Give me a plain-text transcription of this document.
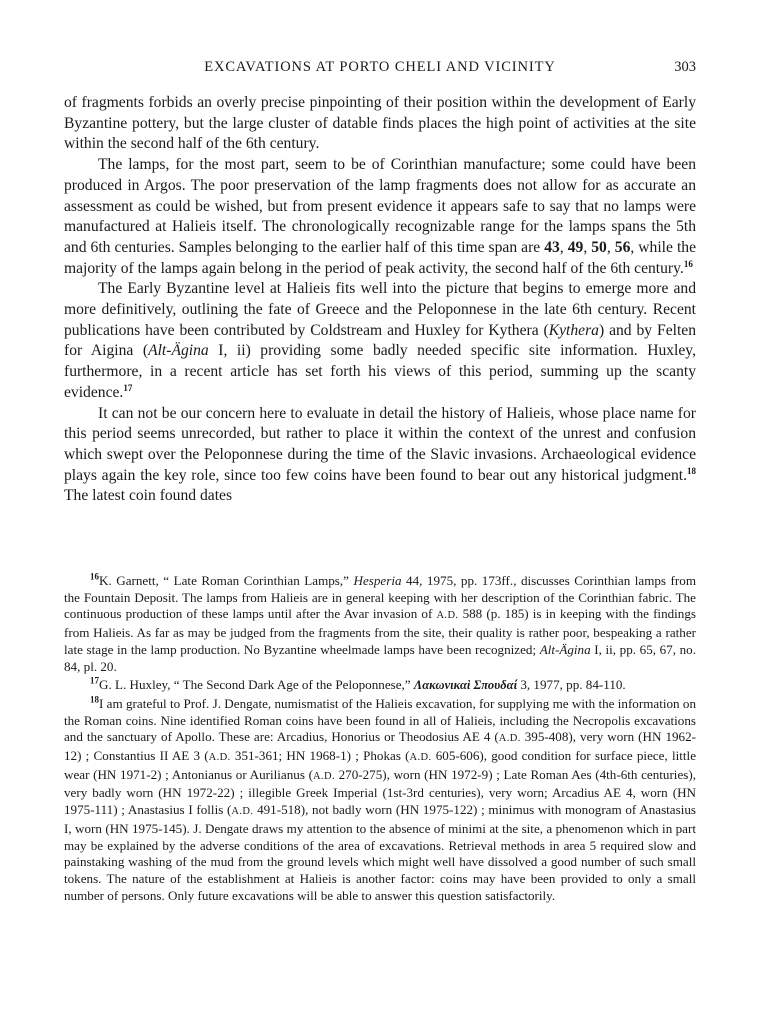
EXCAVATIONS AT PORTO CHELI AND VICINITY	303

of fragments forbids an overly precise pinpointing of their position within the development of Early Byzantine pottery, but the large cluster of datable finds places the high point of activities at the site within the second half of the 6th century.

The lamps, for the most part, seem to be of Corinthian manufacture; some could have been produced in Argos. The poor preservation of the lamp fragments does not allow for as accurate an assessment as could be wished, but from present evidence it appears safe to say that no lamps were manufactured at Halieis itself. The chronologically recognizable range for the lamps spans the 5th and 6th centuries. Samples belonging to the earlier half of this time span are 43, 49, 50, 56, while the majority of the lamps again belong in the period of peak activity, the second half of the 6th century.$^{16}$

The Early Byzantine level at Halieis fits well into the picture that begins to emerge more and more definitively, outlining the fate of Greece and the Peloponnese in the late 6th century. Recent publications have been contributed by Coldstream and Huxley for Kythera (Kythera) and by Felten for Aigina (Alt-Ägina I, ii) providing some badly needed specific site information. Huxley, furthermore, in a recent article has set forth his views of this period, summing up the scanty evidence.$^{17}$

It can not be our concern here to evaluate in detail the history of Halieis, whose place name for this period seems unrecorded, but rather to place it within the context of the unrest and confusion which swept over the Peloponnese during the time of the Slavic invasions. Archaeological evidence plays again the key role, since too few coins have been found to bear out any historical judgment.$^{18}$ The latest coin found dates

$^{16}$K. Garnett, “ Late Roman Corinthian Lamps,” Hesperia 44, 1975, pp. 173ff., discusses Corinthian lamps from the Fountain Deposit. The lamps from Halieis are in general keeping with her description of the Corinthian fabric. The continuous production of these lamps until after the Avar invasion of A.D. 588 (p. 185) is in keeping with the findings from Halieis. As far as may be judged from the fragments from the site, their quality is rather poor, bespeaking a rather late stage in the lamp production. No Byzantine wheelmade lamps have been recognized; Alt-Ägina I, ii, pp. 65, 67, no. 84, pl. 20.

$^{17}$G. L. Huxley, “ The Second Dark Age of the Peloponnese,” Λακωνικαὶ Σπουδαί 3, 1977, pp. 84-110.

$^{18}$I am grateful to Prof. J. Dengate, numismatist of the Halieis excavation, for supplying me with the information on the Roman coins. Nine identified Roman coins have been found in all of Halieis, including the Necropolis excavations and the sanctuary of Apollo. These are: Arcadius, Honorius or Theodosius AE 4 (A.D. 395-408), very worn (HN 1962-12) ; Constantius II AE 3 (A.D. 351-361; HN 1968-1) ; Phokas (A.D. 605-606), good condition for surface piece, little wear (HN 1971-2) ; Antonianus or Aurilianus (A.D. 270-275), worn (HN 1972-9) ; Late Roman Aes (4th-6th centuries), very badly worn (HN 1972-22) ; illegible Greek Imperial (1st-3rd centuries), very worn; Arcadius AE 4, worn (HN 1975-111) ; Anastasius I follis (A.D. 491-518), not badly worn (HN 1975-122) ; minimus with monogram of Anastasius I, worn (HN 1975-145). J. Dengate draws my attention to the absence of minimi at the site, a phenomenon which in part may be explained by the adverse conditions of the area of excavations. Retrieval methods in area 5 required slow and painstaking washing of the mud from the ground levels which might well have dissolved a good number of such small tokens. The nature of the establishment at Halieis is another factor: coins may have been provided to only a small number of persons. Only future excavations will be able to answer this question satisfactorily.
